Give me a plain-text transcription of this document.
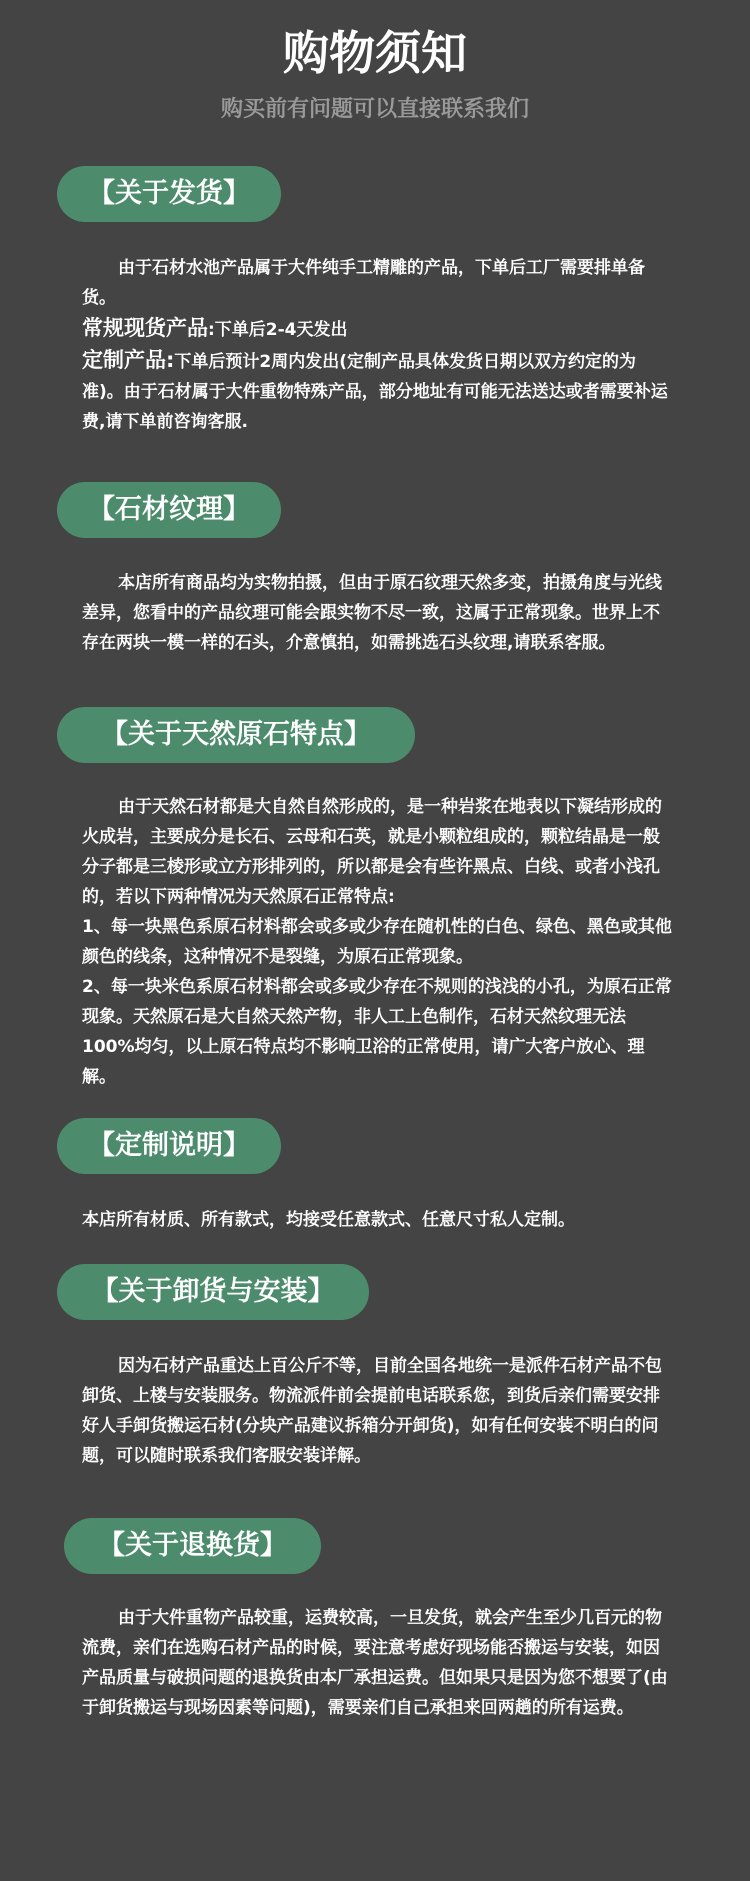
购物须知
购买前有问题可以直接联系我们
【关于发货】

由于石材水池产品属于大件纯手工精雕的产品，下单后工厂需要排单备货。

常规现货产品:下单后2-4天发出

定制产品:下单后预计2周内发出(定制产品具体发货日期以双方约定的为准)。由于石材属于大件重物特殊产品，部分地址有可能无法送达或者需要补运费,请下单前咨询客服.

【石材纹理】

本店所有商品均为实物拍摄，但由于原石纹理天然多变，拍摄角度与光线差异，您看中的产品纹理可能会跟实物不尽一致，这属于正常现象。世界上不存在两块一模一样的石头，介意慎拍，如需挑选石头纹理,请联系客服。

【关于天然原石特点】

由于天然石材都是大自然自然形成的，是一种岩浆在地表以下凝结形成的火成岩，主要成分是长石、云母和石英，就是小颗粒组成的，颗粒结晶是一般分子都是三棱形或立方形排列的，所以都是会有些许黑点、白线、或者小浅孔的，若以下两种情况为天然原石正常特点:

1、每一块黑色系原石材料都会或多或少存在随机性的白色、绿色、黑色或其他颜色的线条，这种情况不是裂缝，为原石正常现象。

2、每一块米色系原石材料都会或多或少存在不规则的浅浅的小孔，为原石正常现象。天然原石是大自然天然产物，非人工上色制作，石材天然纹理无法100%均匀，以上原石特点均不影响卫浴的正常使用，请广大客户放心、理解。

【定制说明】

本店所有材质、所有款式，均接受任意款式、任意尺寸私人定制。

【关于卸货与安装】

因为石材产品重达上百公斤不等，目前全国各地统一是派件石材产品不包卸货、上楼与安装服务。物流派件前会提前电话联系您，到货后亲们需要安排好人手卸货搬运石材(分块产品建议拆箱分开卸货)，如有任何安装不明白的问题，可以随时联系我们客服安装详解。

【关于退换货】

由于大件重物产品较重，运费较高，一旦发货，就会产生至少几百元的物流费，亲们在选购石材产品的时候，要注意考虑好现场能否搬运与安装，如因产品质量与破损问题的退换货由本厂承担运费。但如果只是因为您不想要了(由于卸货搬运与现场因素等问题)，需要亲们自己承担来回两趟的所有运费。
